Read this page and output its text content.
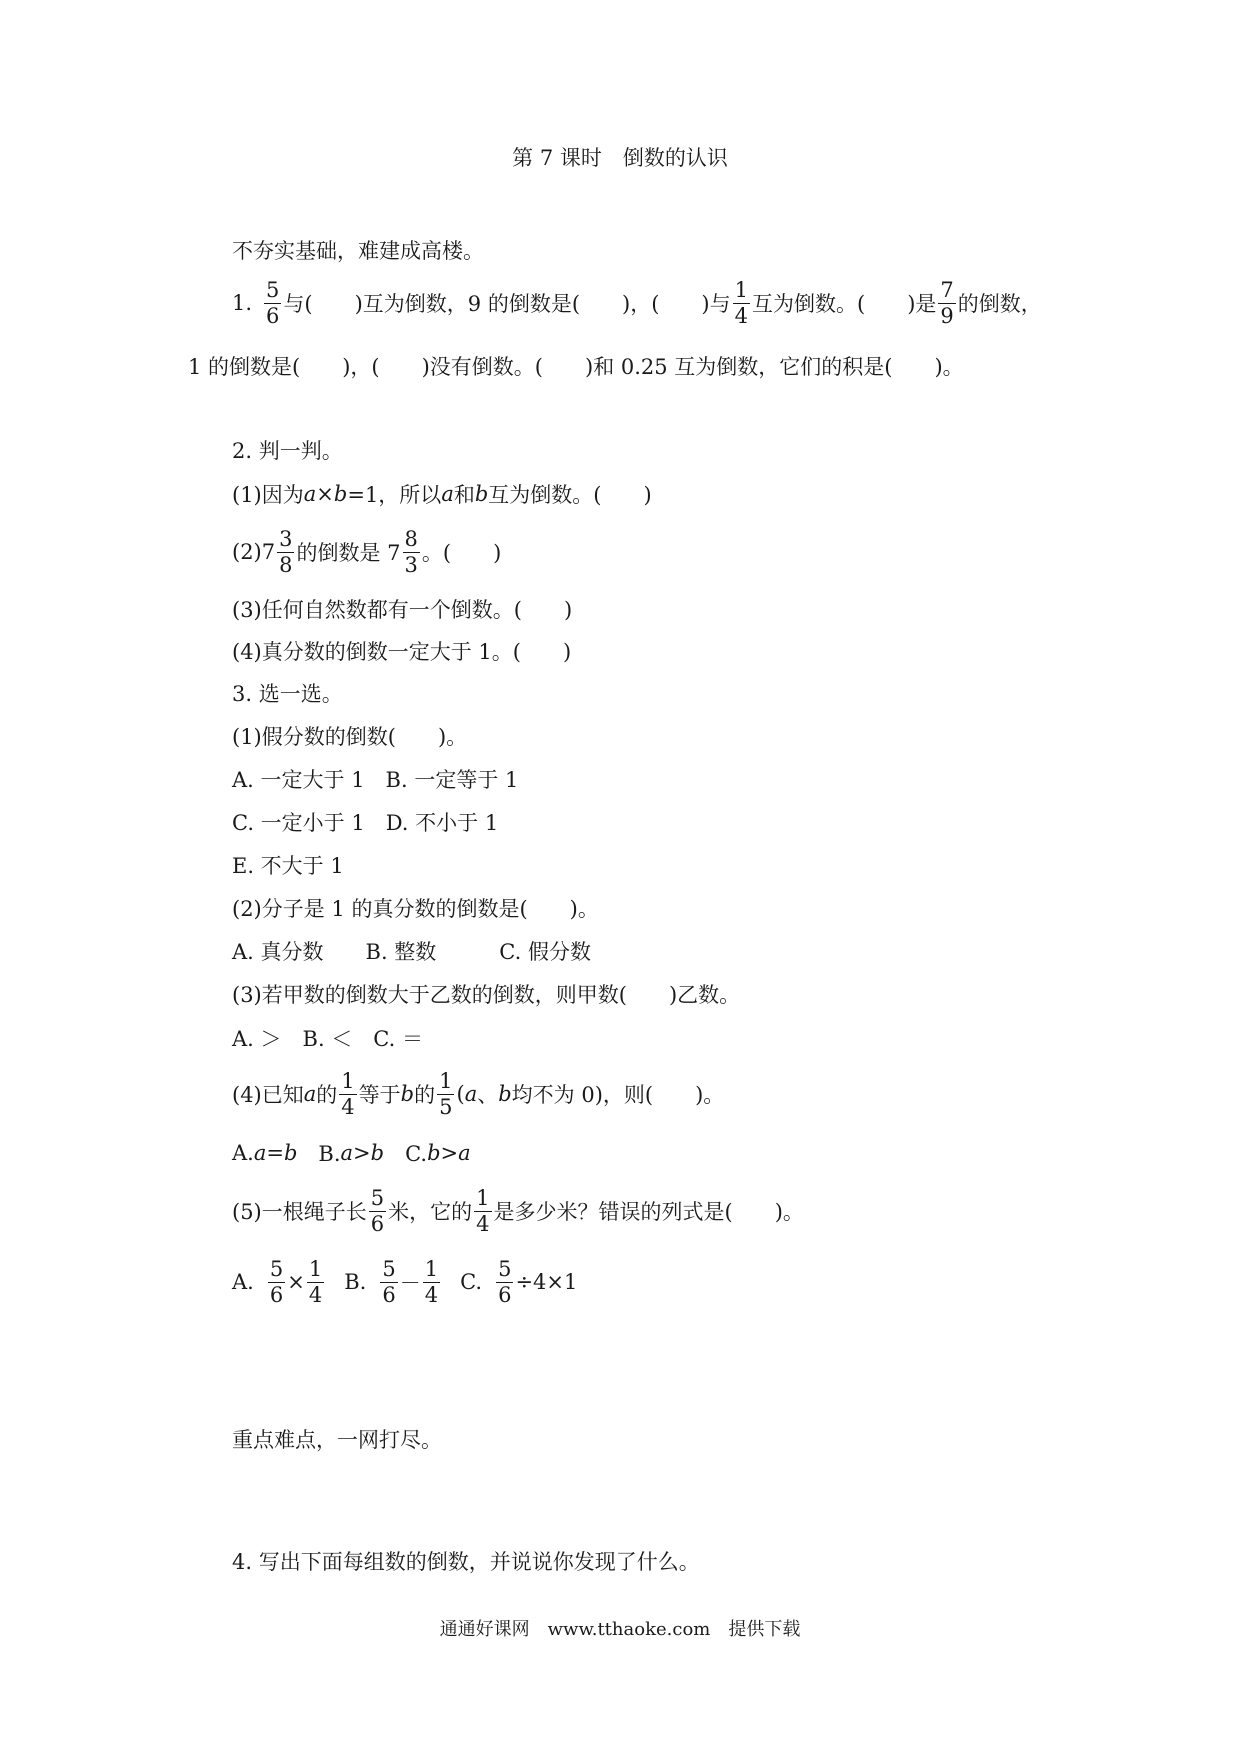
第 7 课时　倒数的认识
不夯实基础，难建成高楼。
1. $\frac{5}{6}$ 与(　　)互为倒数，9 的倒数是(　　)，(　　)与 $\frac{1}{4}$ 互为倒数。(　　)是 $\frac{7}{9}$ 的倒数，
1 的倒数是(　　)，(　　)没有倒数。(　　)和 0.25 互为倒数，它们的积是(　　)。
2. 判一判。
(1)因为 a × b =1，所以 a 和 b 互为倒数。(　　)
$(2)7 \frac{3}{8}$ 的倒数是 $7 \frac{8}{3}$ 。(　　)
(3)任何自然数都有一个倒数。(　　)
(4)真分数的倒数一定大于 1。(　　)
3. 选一选。
(1)假分数的倒数(　　)。
A. 一定大于 1　B. 一定等于 1
C. 一定小于 1　D. 不小于 1
E. 不大于 1
(2)分子是 1 的真分数的倒数是(　　)。
A. 真分数　　B. 整数　　　C. 假分数
(3)若甲数的倒数大于乙数的倒数，则甲数(　　)乙数。
A. ＞　B. ＜　C. ＝
(4)已知 a 的 $\frac{1}{4}$ 等于 b 的 $\frac{1}{5}$ ( a 、 b 均不为 0)，则(　　)。
A. a=b 　B. a>b 　C. b>a
(5)一根绳子长 $\frac{5}{6}$ 米，它的 $\frac{1}{4}$ 是多少米？错误的列式是(　　)。
A. $\frac{5}{6} \times \frac{1}{4} B$. $\frac{5}{6} - \frac{1}{4} C$. $\frac{5}{6} \div 4\times 1$
重点难点，一网打尽。
4. 写出下面每组数的倒数，并说说你发现了什么。
通通好课网　www.tthaoke.com　提供下载
